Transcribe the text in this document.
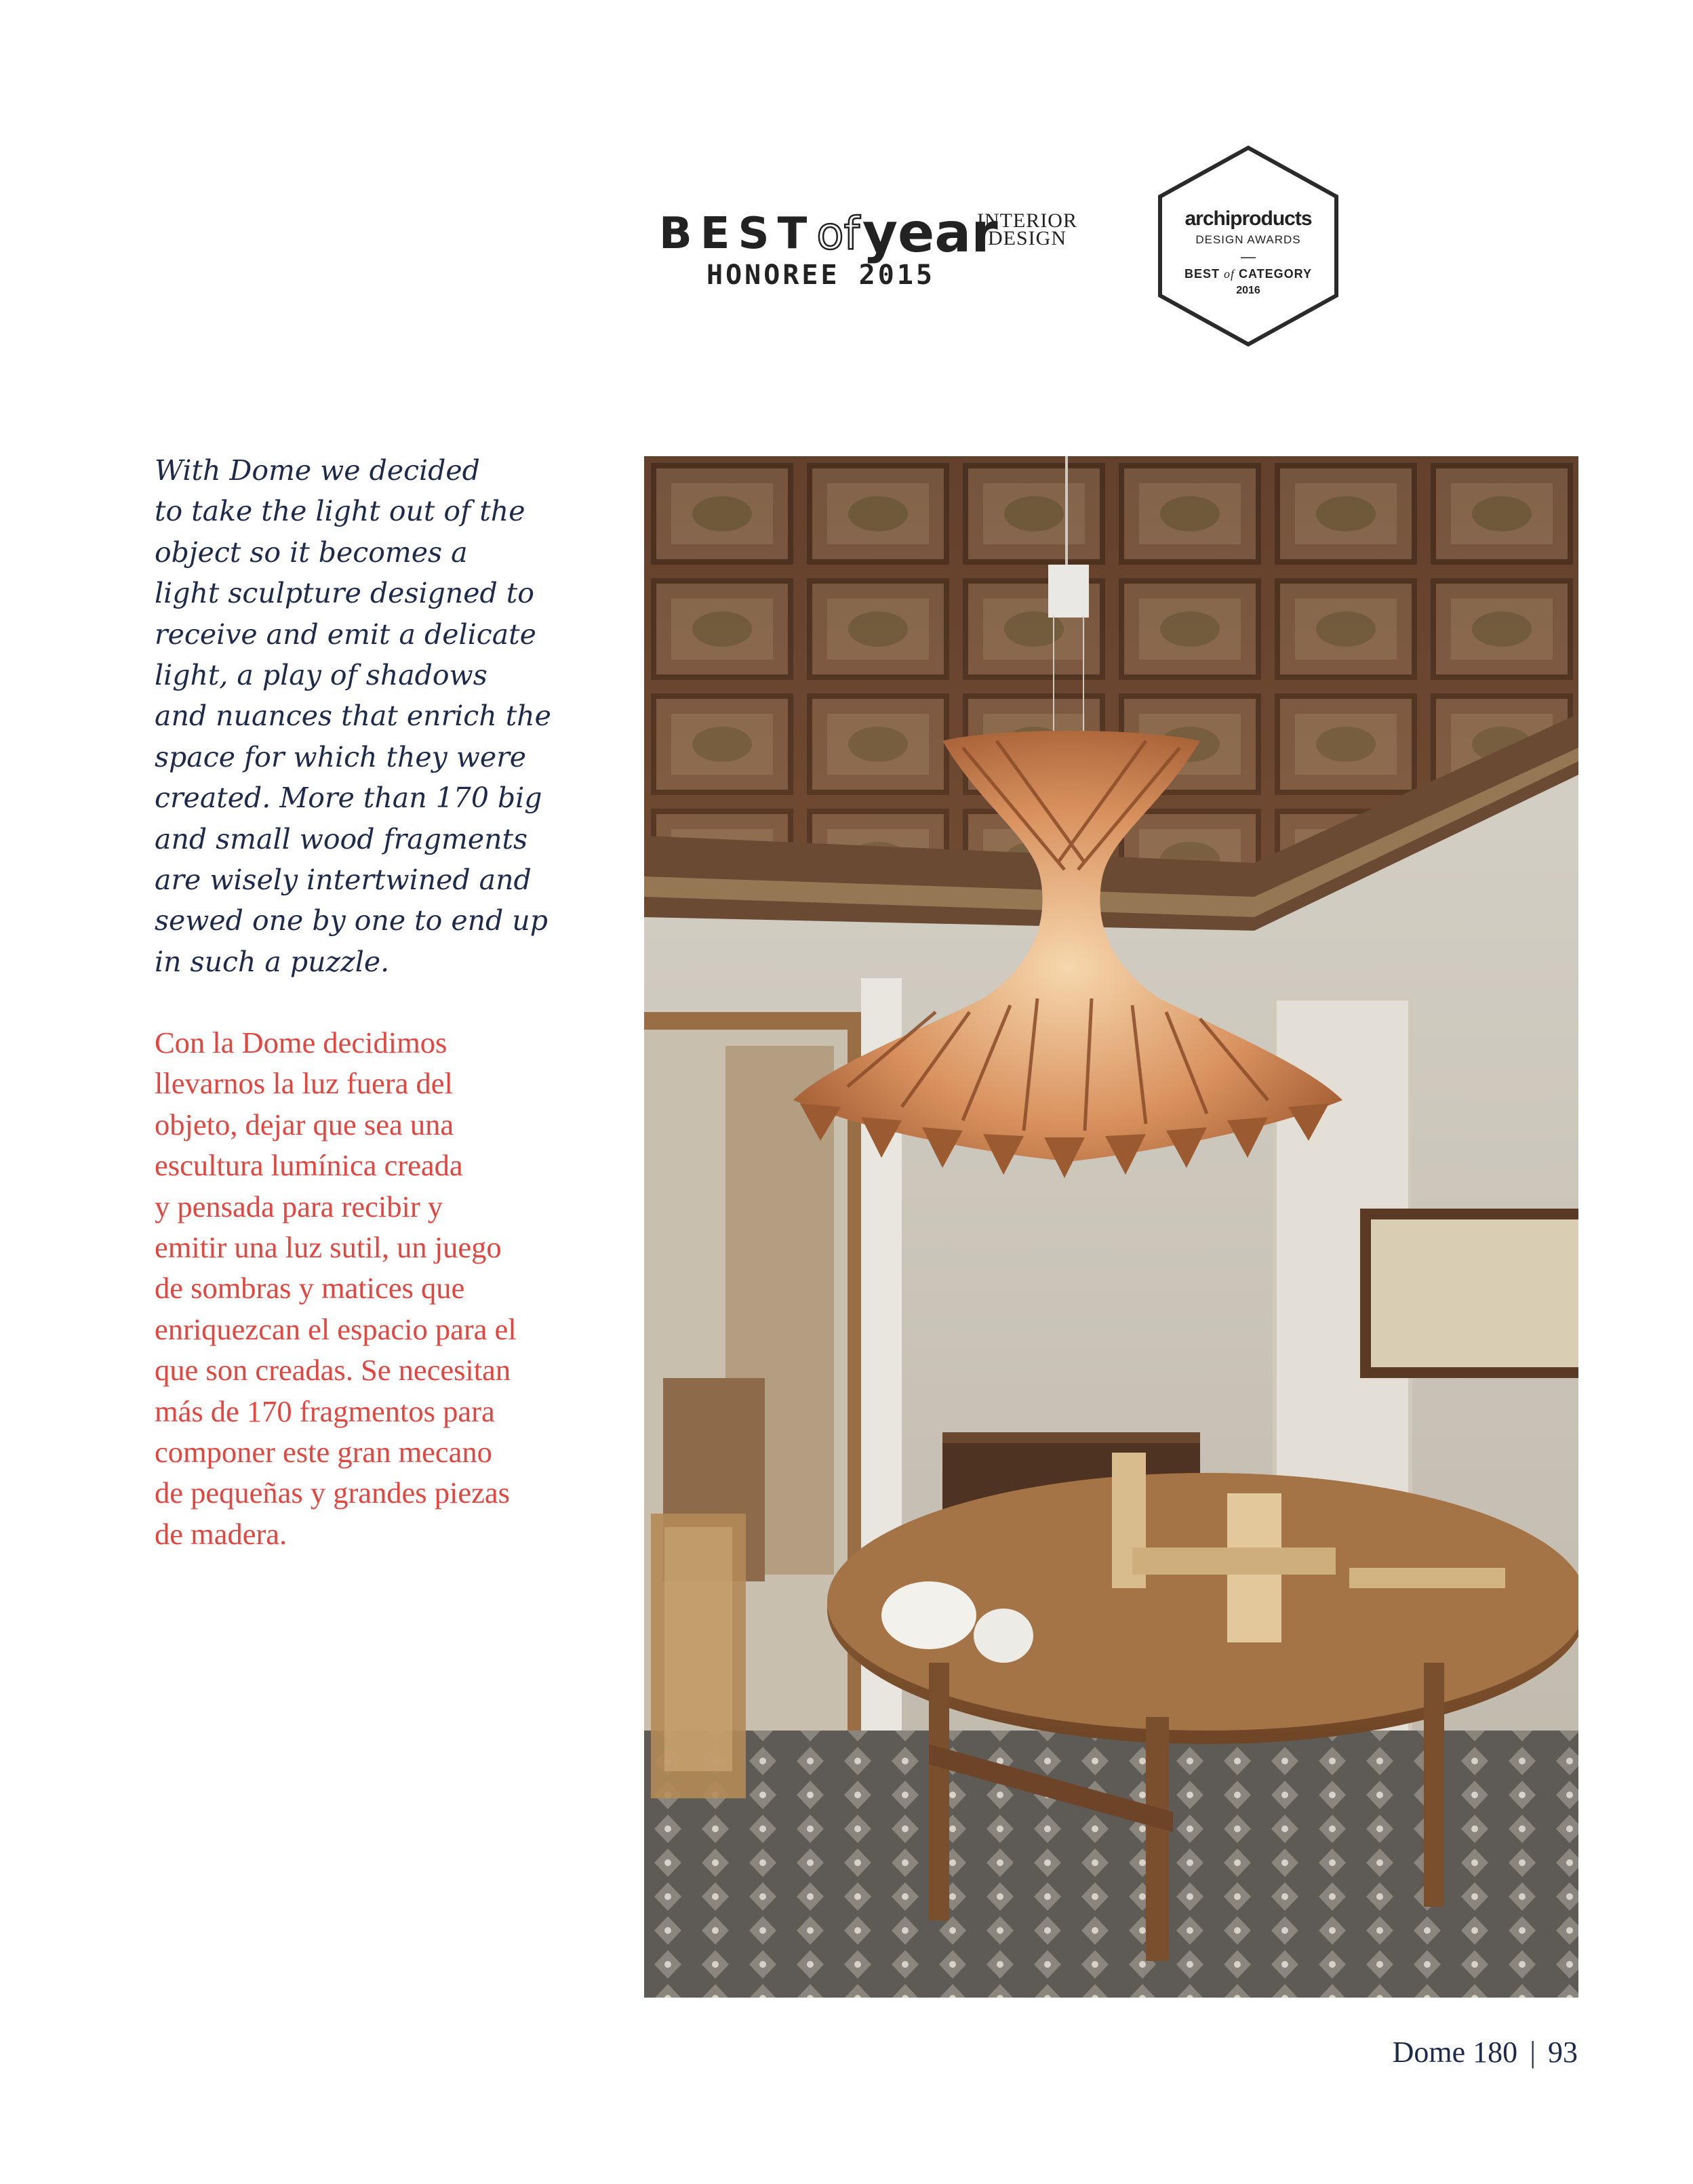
BESTofyear
INTERIOR
DESIGN
HONOREE 2015
archiproducts
DESIGN AWARDS
—
BEST of CATEGORY
2016
With Dome we decided
to take the light out of the
object so it becomes a
light sculpture designed to
receive and emit a delicate
light, a play of shadows
and nuances that enrich the
space for which they were
created. More than 170 big
and small wood fragments
are wisely intertwined and
sewed one by one to end up
in such a puzzle.
Con la Dome decidimos
llevarnos la luz fuera del
objeto, dejar que sea una
escultura lumínica creada
y pensada para recibir y
emitir una luz sutil, un juego
de sombras y matices que
enriquezcan el espacio para el
que son creadas. Se necesitan
más de 170 fragmentos para
componer este gran mecano
de pequeñas y grandes piezas
de madera.
Dome 180 | 93
